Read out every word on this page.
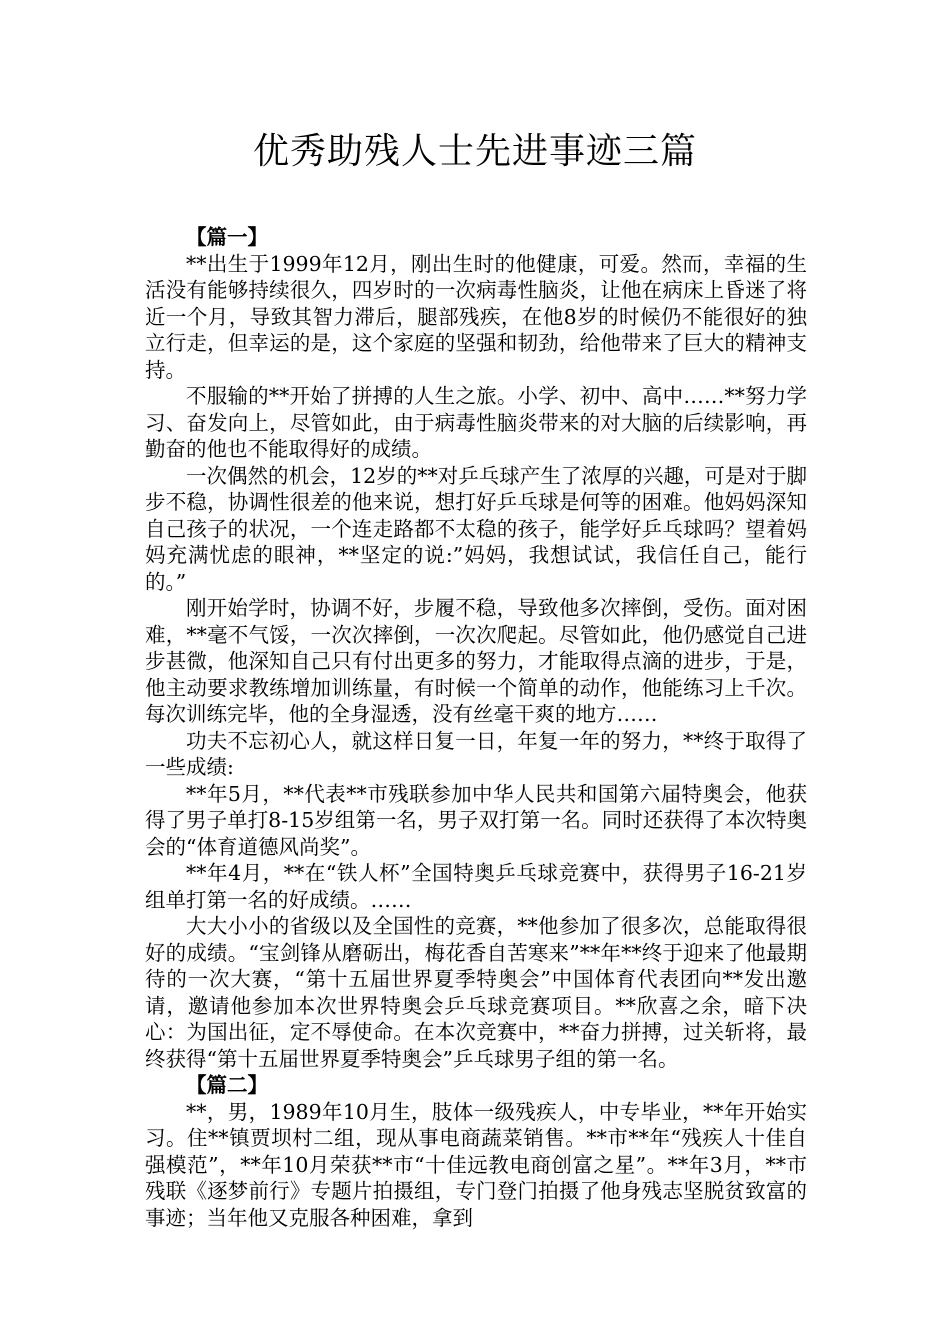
优秀助残人士先进事迹三篇
【篇一】

**出生于1999年12月，刚出生时的他健康，可爱。然而，幸福的生活没有能够持续很久，四岁时的一次病毒性脑炎，让他在病床上昏迷了将近一个月，导致其智力滞后，腿部残疾，在他8岁的时候仍不能很好的独立行走，但幸运的是，这个家庭的坚强和韧劲，给他带来了巨大的精神支持。

不服输的**开始了拼搏的人生之旅。小学、初中、高中……**努力学习、奋发向上，尽管如此，由于病毒性脑炎带来的对大脑的后续影响，再勤奋的他也不能取得好的成绩。

一次偶然的机会，12岁的**对乒乓球产生了浓厚的兴趣，可是对于脚步不稳，协调性很差的他来说，想打好乒乓球是何等的困难。他妈妈深知自己孩子的状况，一个连走路都不太稳的孩子，能学好乒乓球吗？望着妈妈充满忧虑的眼神，**坚定的说:”妈妈，我想试试，我信任自己，能行的。”

刚开始学时，协调不好，步履不稳，导致他多次摔倒，受伤。面对困难，**毫不气馁，一次次摔倒，一次次爬起。尽管如此，他仍感觉自己进步甚微，他深知自己只有付出更多的努力，才能取得点滴的进步，于是，他主动要求教练增加训练量，有时候一个简单的动作，他能练习上千次。每次训练完毕，他的全身湿透，没有丝毫干爽的地方……

功夫不忘初心人，就这样日复一日，年复一年的努力，**终于取得了一些成绩:

**年5月，**代表**市残联参加中华人民共和国第六届特奥会，他获得了男子单打8-15岁组第一名，男子双打第一名。同时还获得了本次特奥会的“体育道德风尚奖”。

**年4月，**在“铁人杯”全国特奥乒乓球竞赛中，获得男子16-21岁组单打第一名的好成绩。……

大大小小的省级以及全国性的竞赛，**他参加了很多次，总能取得很好的成绩。“宝剑锋从磨砺出，梅花香自苦寒来”**年**终于迎来了他最期待的一次大赛，“第十五届世界夏季特奥会”中国体育代表团向**发出邀请，邀请他参加本次世界特奥会乒乓球竞赛项目。**欣喜之余，暗下决心：为国出征，定不辱使命。在本次竞赛中，**奋力拼搏，过关斩将，最终获得“第十五届世界夏季特奥会”乒乓球男子组的第一名。

【篇二】

**，男，1989年10月生，肢体一级残疾人，中专毕业，**年开始实习。住**镇贾坝村二组，现从事电商蔬菜销售。**市**年“残疾人十佳自强模范”，**年10月荣获**市“十佳远教电商创富之星”。**年3月，**市残联《逐梦前行》专题片拍摄组，专门登门拍摄了他身残志坚脱贫致富的事迹；当年他又克服各种困难，拿到
